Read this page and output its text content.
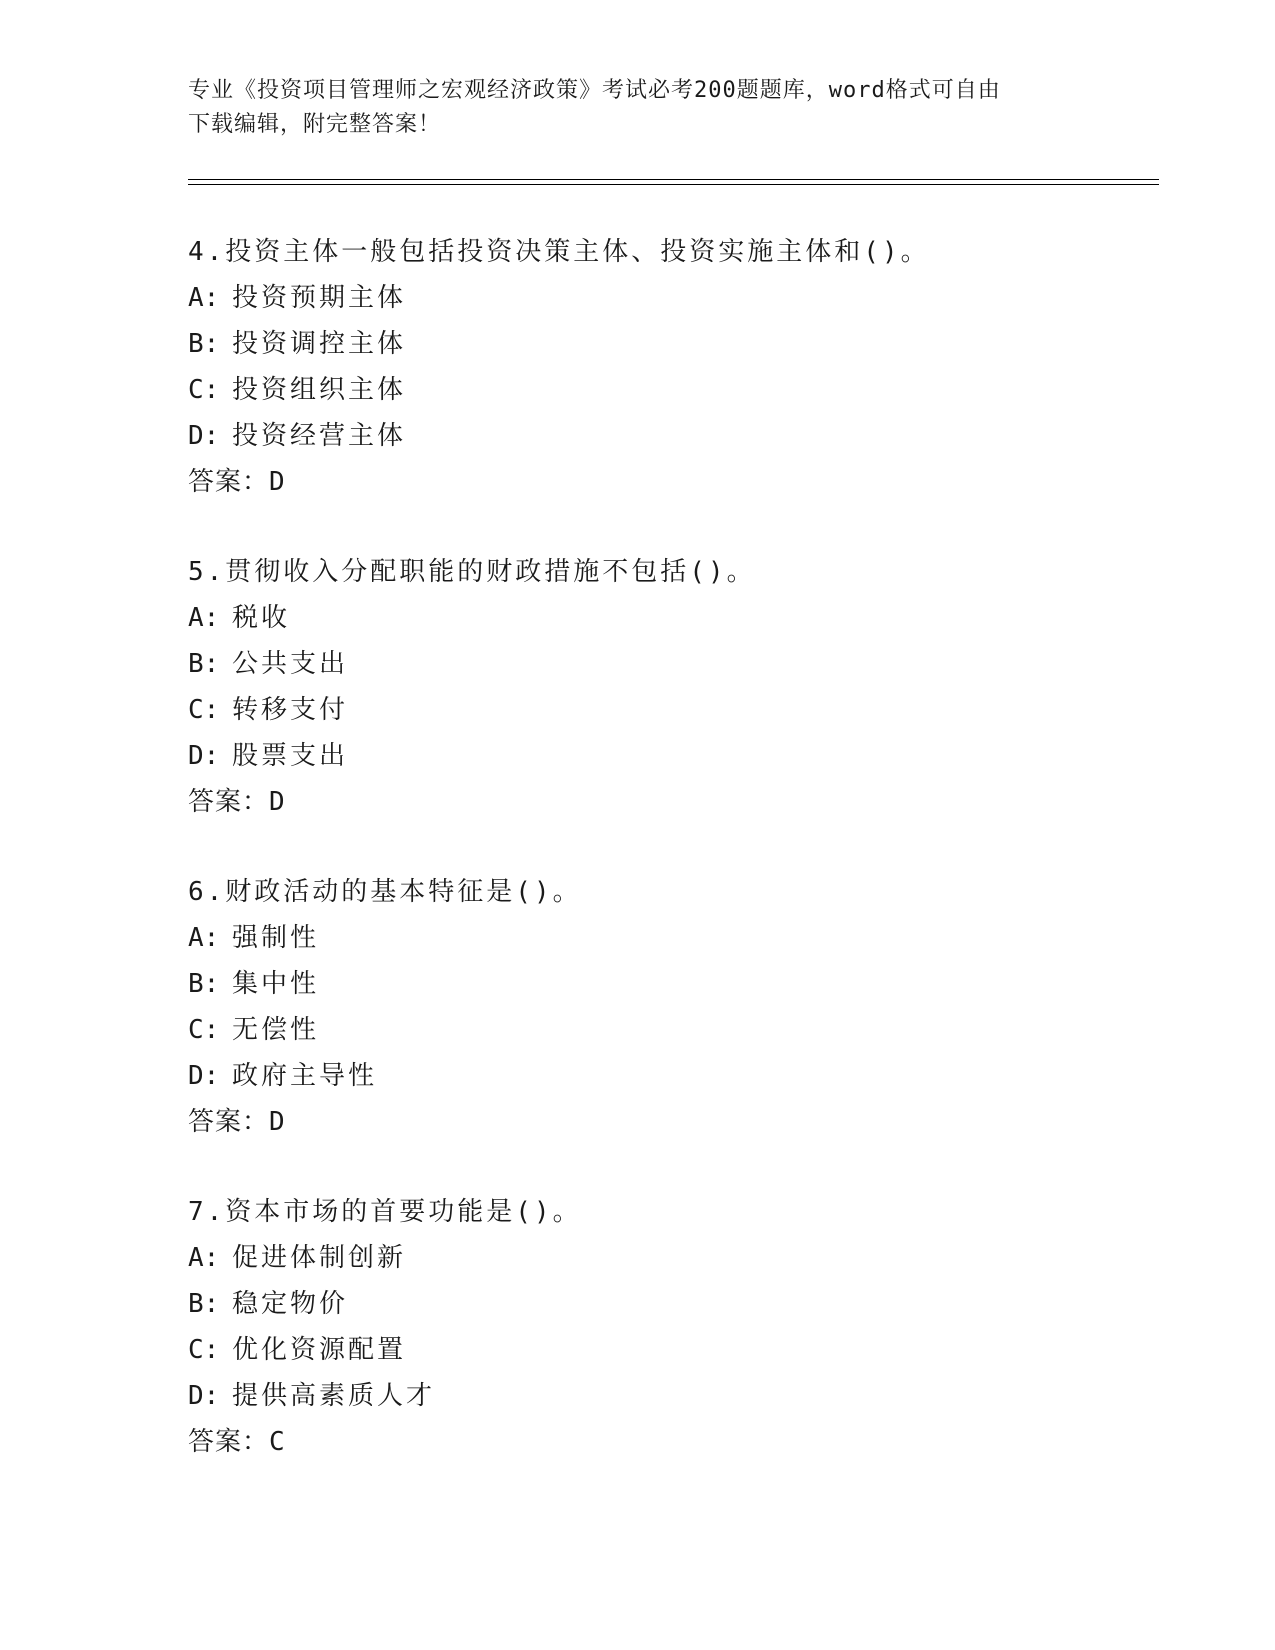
专业《投资项目管理师之宏观经济政策》考试必考200题题库，word格式可自由
下载编辑，附完整答案！
4.投资主体一般包括投资决策主体、投资实施主体和()。
A: 投资预期主体
B: 投资调控主体
C: 投资组织主体
D: 投资经营主体
答案：D
5.贯彻收入分配职能的财政措施不包括()。
A: 税收
B: 公共支出
C: 转移支付
D: 股票支出
答案：D
6.财政活动的基本特征是()。
A: 强制性
B: 集中性
C: 无偿性
D: 政府主导性
答案：D
7.资本市场的首要功能是()。
A: 促进体制创新
B: 稳定物价
C: 优化资源配置
D: 提供高素质人才
答案：C
